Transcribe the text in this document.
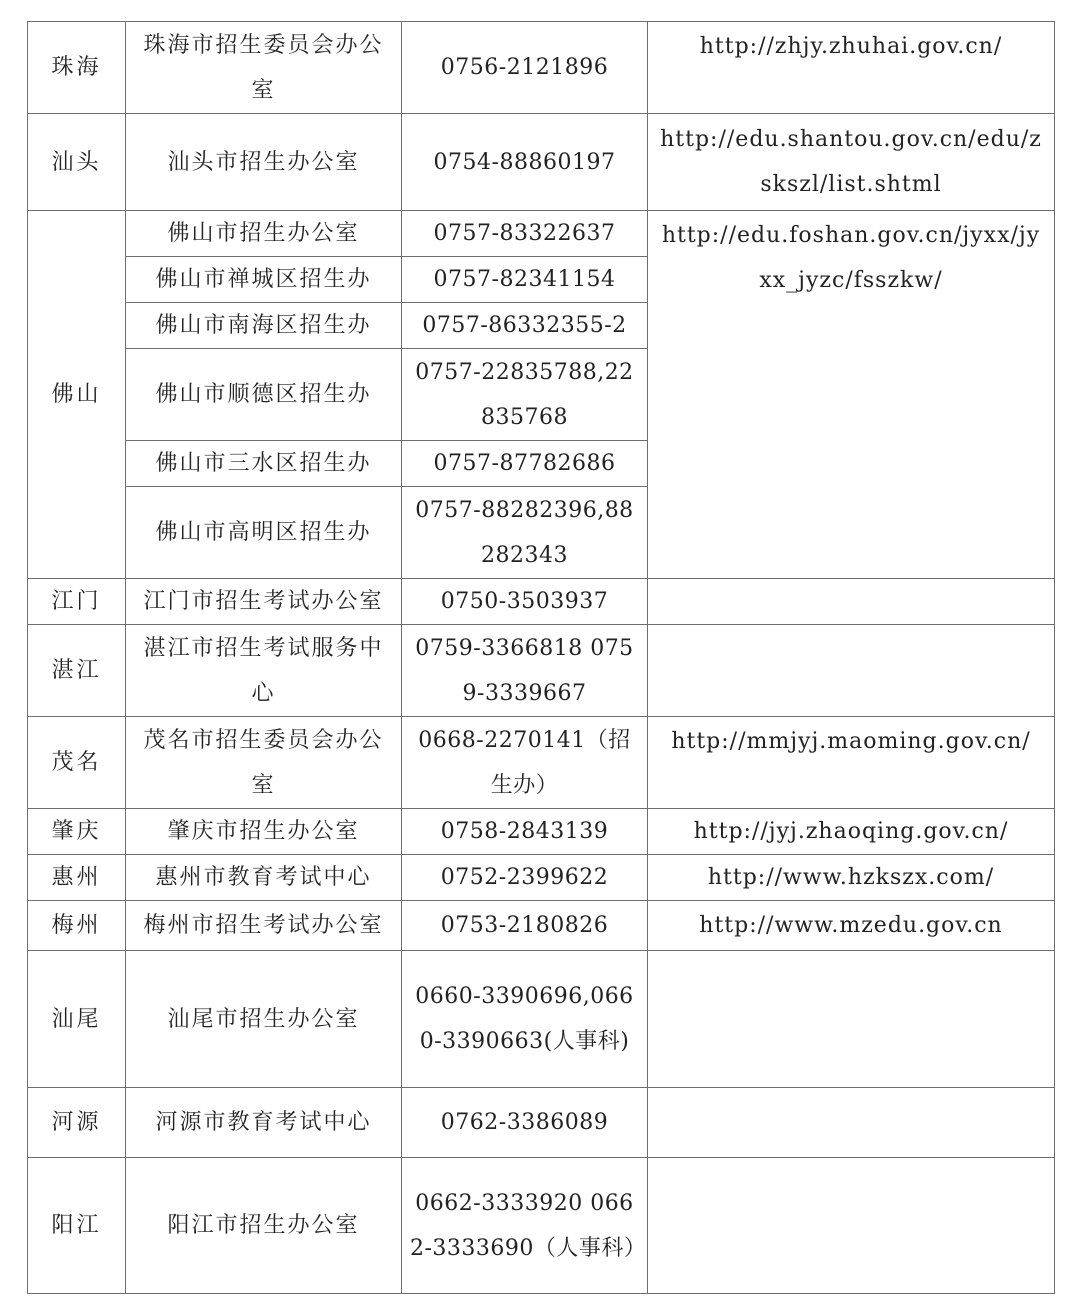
珠海	珠海市招生委员会办公室	0756-2121896	http://zhjy.zhuhai.gov.cn/
汕头	汕头市招生办公室	0754-88860197	http://edu.shantou.gov.cn/edu/zskszl/list.shtml
佛山	佛山市招生办公室	0757-83322637	http://edu.foshan.gov.cn/jyxx/jyxx_jyzc/fsszkw/
	佛山市禅城区招生办	0757-82341154	
	佛山市南海区招生办	0757-86332355-2	
	佛山市顺德区招生办	0757-22835788,22835768	
	佛山市三水区招生办	0757-87782686	
	佛山市高明区招生办	0757-88282396,88282343	
江门	江门市招生考试办公室	0750-3503937	
湛江	湛江市招生考试服务中心	0759-3366818 0759-3339667	
茂名	茂名市招生委员会办公室	0668-2270141（招生办）	http://mmjyj.maoming.gov.cn/
肇庆	肇庆市招生办公室	0758-2843139	http://jyj.zhaoqing.gov.cn/
惠州	惠州市教育考试中心	0752-2399622	http://www.hzkszx.com/
梅州	梅州市招生考试办公室	0753-2180826	http://www.mzedu.gov.cn
汕尾	汕尾市招生办公室	0660-3390696,0660-3390663(人事科)	
河源	河源市教育考试中心	0762-3386089	
阳江	阳江市招生办公室	0662-3333920 0662-3333690（人事科）	
